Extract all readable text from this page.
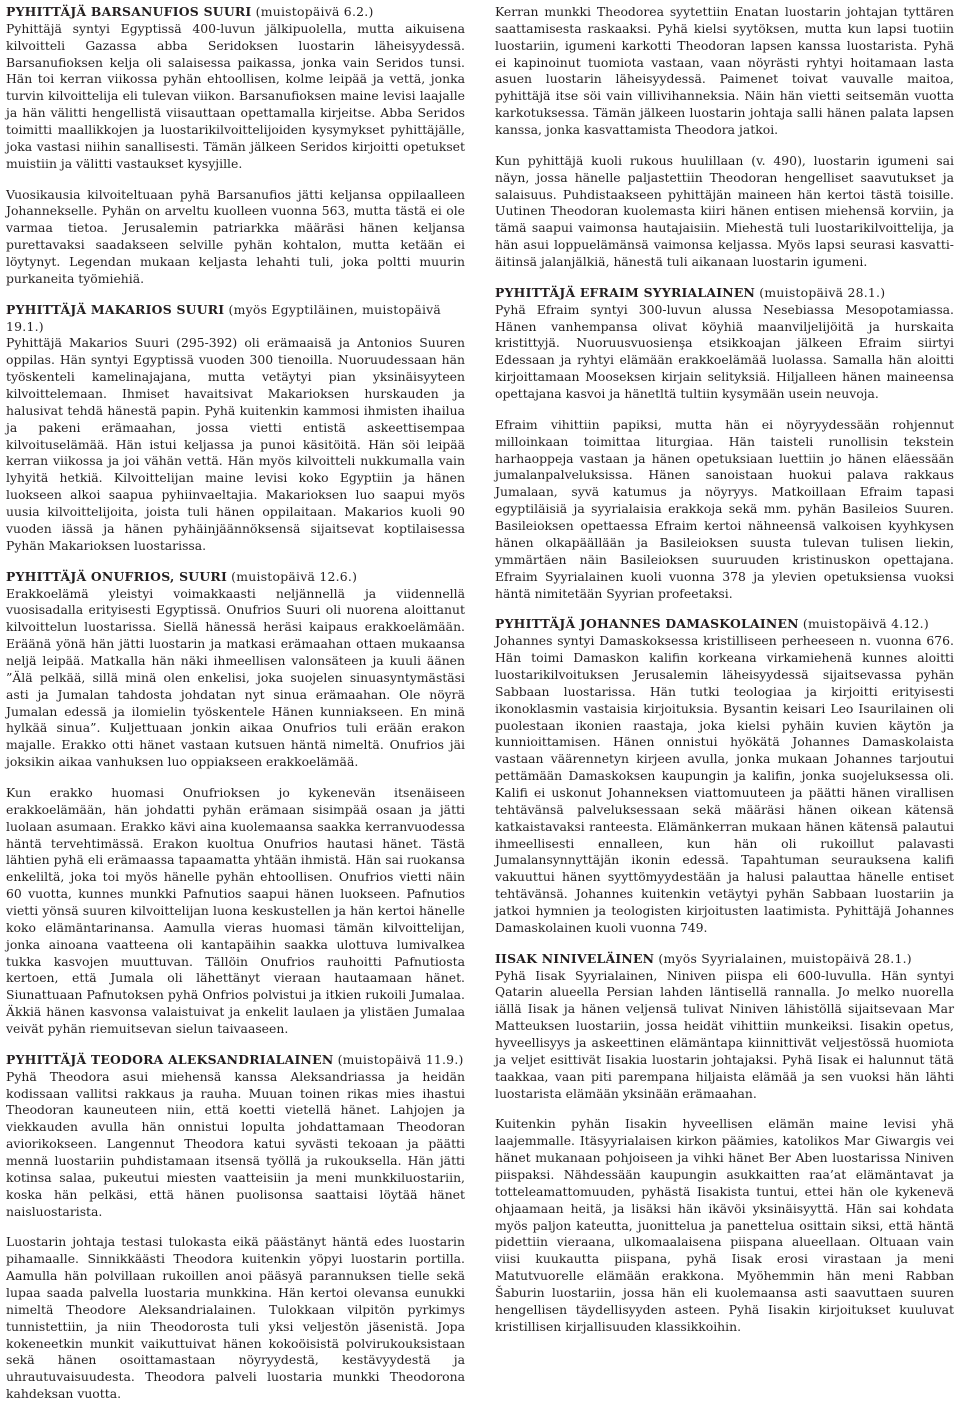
PYHITTÄJÄ BARSANUFIOS SUURI (muistopäivä 6.2.)

Pyhittäjä syntyi Egyptissä 400-luvun jälkipuolella, mutta aikuisena kilvoitteli Gazassa abba Seridoksen luostarin läheisyydessä. Barsanufioksen kelja oli salaisessa paikassa, jonka vain Seridos tunsi. Hän toi kerran viikossa pyhän ehtoollisen, kolme leipää ja vettä, jonka turvin kilvoittelija eli tulevan viikon. Barsanufioksen maine levisi laajalle ja hän välitti hengellistä viisauttaan opettamalla kirjeitse. Abba Seridos toimitti maallikkojen ja luostarikilvoittelijoiden kysymykset pyhittäjälle, joka vastasi niihin sanallisesti. Tämän jälkeen Seridos kirjoitti opetukset muistiin ja välitti vastaukset kysyjille.

Vuosikausia kilvoiteltuaan pyhä Barsanufios jätti keljansa oppilaalleen Johannekselle. Pyhän on arveltu kuolleen vuonna 563, mutta tästä ei ole varmaa tietoa. Jerusalemin patriarkka määräsi hänen keljansa purettavaksi saadakseen selville pyhän kohtalon, mutta ketään ei löytynyt. Legendan mukaan keljasta lehahti tuli, joka poltti muurin purkaneita työmiehiä.

PYHITTÄJÄ MAKARIOS SUURI (myös Egyptiläinen, muistopäivä 19.1.)

Pyhittäjä Makarios Suuri (295-392) oli erämaaisä ja Antonios Suuren oppilas. Hän syntyi Egyptissä vuoden 300 tienoilla. Nuoruudessaan hän työskenteli kamelinajajana, mutta vetäytyi pian yksinäisyyteen kilvoittelemaan. Ihmiset havaitsivat Makarioksen hurskauden ja halusivat tehdä hänestä papin. Pyhä kuitenkin kammosi ihmisten ihailua ja pakeni erämaahan, jossa vietti entistä askeettisempaa kilvoituselämää. Hän istui keljassa ja punoi käsitöitä. Hän söi leipää kerran viikossa ja joi vähän vettä. Hän myös kilvoitteli nukkumalla vain lyhyitä hetkiä. Kilvoittelijan maine levisi koko Egyptiin ja hänen luokseen alkoi saapua pyhiinvaeltajia. Makarioksen luo saapui myös uusia kilvoittelijoita, joista tuli hänen oppilaitaan. Makarios kuoli 90 vuoden iässä ja hänen pyhäinjäännöksensä sijaitsevat koptilaisessa Pyhän Makarioksen luostarissa.

PYHITTÄJÄ ONUFRIOS, SUURI (muistopäivä 12.6.)

Erakkoelämä yleistyi voimakkaasti neljännellä ja viidennellä vuosisadalla erityisesti Egyptissä. Onufrios Suuri oli nuorena aloittanut kilvoittelun luostarissa. Siellä hänessä heräsi kaipaus erakkoelämään. Eräänä yönä hän jätti luostarin ja matkasi erämaahan ottaen mukaansa neljä leipää. Matkalla hän näki ihmeellisen valonsäteen ja kuuli äänen ”Älä pelkää, sillä minä olen enkelisi, joka suojelen sinuasyntymästäsi asti ja Jumalan tahdosta johdatan nyt sinua erämaahan. Ole nöyrä Jumalan edessä ja ilomielin työskentele Hänen kunniakseen. En minä hylkää sinua”. Kuljettuaan jonkin aikaa Onufrios tuli erään erakon majalle. Erakko otti hänet vastaan kutsuen häntä nimeltä. Onufrios jäi joksikin aikaa vanhuksen luo oppiakseen erakkoelämää.

Kun erakko huomasi Onufrioksen jo kykenevän itsenäiseen erakkoelämään, hän johdatti pyhän erämaan sisimpää osaan ja jätti luolaan asumaan. Erakko kävi aina kuolemaansa saakka kerranvuodessa häntä tervehtimässä. Erakon kuoltua Onufrios hautasi hänet. Tästä lähtien pyhä eli erämaassa tapaamatta yhtään ihmistä. Hän sai ruokansa enkeliltä, joka toi myös hänelle pyhän ehtoollisen. Onufrios vietti näin 60 vuotta, kunnes munkki Pafnutios saapui hänen luokseen. Pafnutios vietti yönsä suuren kilvoittelijan luona keskustellen ja hän kertoi hänelle koko elämäntarinansa. Aamulla vieras huomasi tämän kilvoittelijan, jonka ainoana vaatteena oli kantapäihin saakka ulottuva lumivalkea tukka kasvojen muuttuvan. Tällöin Onufrios rauhoitti Pafnutiosta kertoen, että Jumala oli lähettänyt vieraan hautaamaan hänet. Siunattuaan Pafnutoksen pyhä Onfrios polvistui ja itkien rukoili Jumalaa. Äkkiä hänen kasvonsa valaistuivat ja enkelit laulaen ja ylistäen Jumalaa veivät pyhän riemuitsevan sielun taivaaseen.

PYHITTÄJÄ TEODORA ALEKSANDRIALAINEN (muistopäivä 11.9.)

Pyhä Theodora asui miehensä kanssa Aleksandriassa ja heidän kodissaan vallitsi rakkaus ja rauha. Muuan toinen rikas mies ihastui Theodoran kauneuteen niin, että koetti vietellä hänet. Lahjojen ja viekkauden avulla hän onnistui lopulta johdattamaan Theodoran aviorikokseen. Langennut Theodora katui syvästi tekoaan ja päätti mennä luostariin puhdistamaan itsensä työllä ja rukouksella. Hän jätti kotinsa salaa, pukeutui miesten vaatteisiin ja meni munkkiluostariin, koska hän pelkäsi, että hänen puolisonsa saattaisi löytää hänet naisluostarista.

Luostarin johtaja testasi tulokasta eikä päästänyt häntä edes luostarin pihamaalle. Sinnikkäästi Theodora kuitenkin yöpyi luostarin portilla. Aamulla hän polvillaan rukoillen anoi pääsyä parannuksen tielle sekä lupaa saada palvella luostaria munkkina. Hän kertoi olevansa eunukki nimeltä Theodore Aleksandrialainen. Tulokkaan vilpitön pyrkimys tunnistettiin, ja niin Theodorosta tuli yksi veljestön jäsenistä. Jopa kokeneetkin munkit vaikuttuivat hänen kokoöisistä polvirukouksistaan sekä hänen osoittamastaan nöyryydestä, kestävyydestä ja uhrautuvaisuudesta. Theodora palveli luostaria munkki Theodorona kahdeksan vuotta.

Kerran munkki Theodorea syytettiin Enatan luostarin johtajan tyttären saattamisesta raskaaksi. Pyhä kielsi syytöksen, mutta kun lapsi tuotiin luostariin, igumeni karkotti Theodoran lapsen kanssa luostarista. Pyhä ei kapinoinut tuomiota vastaan, vaan nöyrästi ryhtyi hoitamaan lasta asuen luostarin läheisyydessä. Paimenet toivat vauvalle maitoa, pyhittäjä itse söi vain villivihanneksia. Näin hän vietti seitsemän vuotta karkotuksessa. Tämän jälkeen luostarin johtaja salli hänen palata lapsen kanssa, jonka kasvattamista Theodora jatkoi.

Kun pyhittäjä kuoli rukous huulillaan (v. 490), luostarin igumeni sai näyn, jossa hänelle paljastettiin Theodoran hengelliset saavutukset ja salaisuus. Puhdistaakseen pyhittäjän maineen hän kertoi tästä toisille. Uutinen Theodoran kuolemasta kiiri hänen entisen miehensä korviin, ja tämä saapui vaimonsa hautajaisiin. Miehestä tuli luostarikilvoittelija, ja hän asui loppuelämänsä vaimonsa keljassa. Myös lapsi seurasi kasvatti-äitinsä jalanjälkiä, hänestä tuli aikanaan luostarin igumeni.

PYHITTÄJÄ EFRAIM SYYRIALAINEN (muistopäivä 28.1.)

Pyhä Efraim syntyi 300-luvun alussa Nesebiassa Mesopotamiassa. Hänen vanhempansa olivat köyhiä maanviljelijöitä ja hurskaita kristittyjä. Nuoruusvuosienşa etsikkoajan jälkeen Efraim siirtyi Edessaan ja ryhtyi elämään erakkoelämää luolassa. Samalla hän aloitti kirjoittamaan Mooseksen kirjain selityksiä. Hiljalleen hänen maineensa opettajana kasvoi ja hänetltä tultiin kysymään usein neuvoja.

Efraim vihittiin papiksi, mutta hän ei nöyryydessään rohjennut milloinkaan toimittaa liturgiaa. Hän taisteli runollisin tekstein harhaoppeja vastaan ja hänen opetuksiaan luettiin jo hänen eläessään jumalanpalveluksissa. Hänen sanoistaan huokui palava rakkaus Jumalaan, syvä katumus ja nöyryys. Matkoillaan Efraim tapasi egyptiläisiä ja syyrialaisia erakkoja sekä mm. pyhän Basileios Suuren. Basileioksen opettaessa Efraim kertoi nähneensä valkoisen kyyhkysen hänen olkapäällään ja Basileioksen suusta tulevan tulisen liekin, ymmärtäen näin Basileioksen suuruuden kristinuskon opettajana. Efraim Syyrialainen kuoli vuonna 378 ja ylevien opetuksiensa vuoksi häntä nimitetään Syyrian profeetaksi.

PYHITTÄJÄ JOHANNES DAMASKOLAINEN (muistopäivä 4.12.)

Johannes syntyi Damaskoksessa kristilliseen perheeseen n. vuonna 676. Hän toimi Damaskon kalifin korkeana virkamiehenä kunnes aloitti luostarikilvoituksen Jerusalemin läheisyydessä sijaitsevassa pyhän Sabbaan luostarissa. Hän tutki teologiaa ja kirjoitti erityisesti ikonoklasmin vastaisia kirjoituksia. Bysantin keisari Leo Isaurilainen oli puolestaan ikonien raastaja, joka kielsi pyhäin kuvien käytön ja kunnioittamisen. Hänen onnistui hyökätä Johannes Damaskolaista vastaan väärennetyn kirjeen avulla, jonka mukaan Johannes tarjoutui pettämään Damaskoksen kaupungin ja kalifin, jonka suojeluksessa oli. Kalifi ei uskonut Johanneksen viattomuuteen ja päätti hänen virallisen tehtävänsä palveluksessaan sekä määräsi hänen oikean kätensä katkaistavaksi ranteesta. Elämänkerran mukaan hänen kätensä palautui ihmeellisesti ennalleen, kun hän oli rukoillut palavasti Jumalansynnyttäjän ikonin edessä. Tapahtuman seurauksena kalifi vakuuttui hänen syyttömyydestään ja halusi palauttaa hänelle entiset tehtävänsä. Johannes kuitenkin vetäytyi pyhän Sabbaan luostariin ja jatkoi hymnien ja teologisten kirjoitusten laatimista. Pyhittäjä Johannes Damaskolainen kuoli vuonna 749.

IISAK NINIVELÄINEN (myös Syyrialainen, muistopäivä 28.1.)

Pyhä Iisak Syyrialainen, Niniven piispa eli 600-luvulla. Hän syntyi Qatarin alueella Persian lahden läntisellä rannalla. Jo melko nuorella iällä Iisak ja hänen veljensä tulivat Niniven lähistöllä sijaitsevaan Mar Matteuksen luostariin, jossa heidät vihittiin munkeiksi. Iisakin opetus, hyveellisyys ja askeettinen elämäntapa kiinnittivät veljestössä huomiota ja veljet esittivät Iisakia luostarin johtajaksi. Pyhä Iisak ei halunnut tätä taakkaa, vaan piti parempana hiljaista elämää ja sen vuoksi hän lähti luostarista elämään yksinään erämaahan.

Kuitenkin pyhän Iisakin hyveellisen elämän maine levisi yhä laajemmalle. Itäsyyrialaisen kirkon päämies, katolikos Mar Giwargis vei hänet mukanaan pohjoiseen ja vihki hänet Ber Aben luostarissa Niniven piispaksi. Nähdessään kaupungin asukkaitten raa’at elämäntavat ja totteleamattomuuden, pyhästä Iisakista tuntui, ettei hän ole kykenevä ohjaamaan heitä, ja lisäksi hän ikävöi yksinäisyyttä. Hän sai kohdata myös paljon kateutta, juonittelua ja panettelua osittain siksi, että häntä pidettiin vieraana, ulkomaalaisena piispana alueellaan. Oltuaan vain viisi kuukautta piispana, pyhä Iisak erosi virastaan ja meni Matutvuorelle elämään erakkona. Myöhemmin hän meni Rabban Šaburin luostariin, jossa hän eli kuolemaansa asti saavuttaen suuren hengellisen täydellisyyden asteen. Pyhä Iisakin kirjoitukset kuuluvat kristillisen kirjallisuuden klassikkoihin.
